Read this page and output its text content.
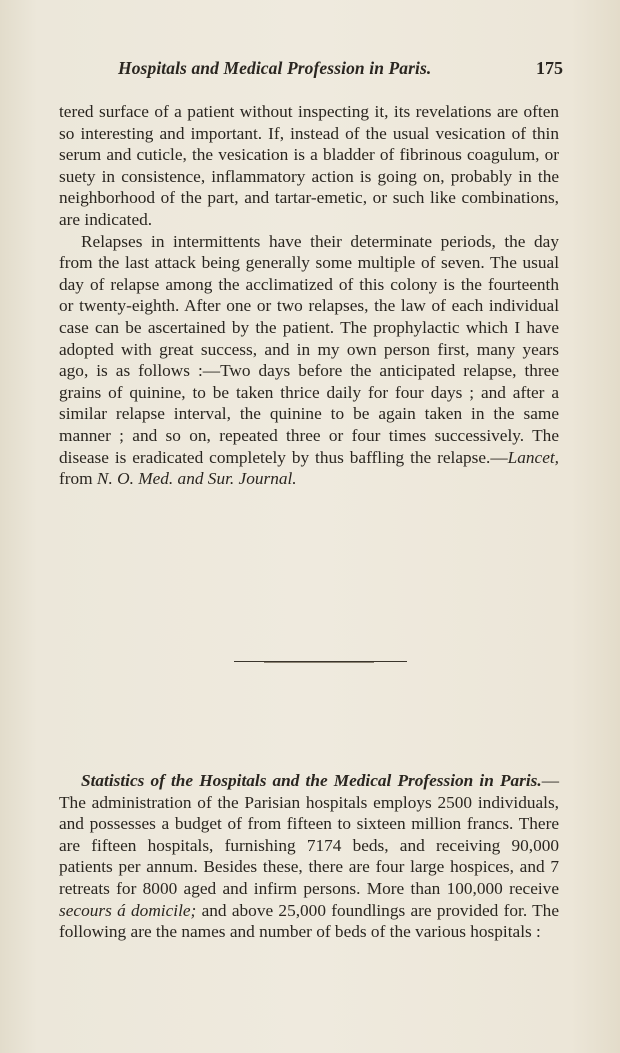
Hospitals and Medical Profession in Paris.	175

tered surface of a patient without inspecting it, its revelations are often so interesting and important. If, instead of the usual vesication of thin serum and cuticle, the vesication is a bladder of fibrinous coagulum, or suety in consistence, inflammatory action is going on, probably in the neighborhood of the part, and tartar-emetic, or such like combinations, are indicated.

Relapses in intermittents have their determinate periods, the day from the last attack being generally some multiple of seven. The usual day of relapse among the acclimatized of this colony is the fourteenth or twenty-eighth. After one or two relapses, the law of each individual case can be ascertained by the patient. The prophylactic which I have adopted with great success, and in my own person first, many years ago, is as follows :—Two days before the anticipated relapse, three grains of quinine, to be taken thrice daily for four days ; and after a similar relapse interval, the quinine to be again taken in the same manner ; and so on, repeated three or four times successively. The disease is eradicated completely by thus baffling the relapse.—Lancet, from N. O. Med. and Sur. Journal.

Statistics of the Hospitals and the Medical Profession in Paris.—The administration of the Parisian hospitals employs 2500 individuals, and possesses a budget of from fifteen to sixteen million francs. There are fifteen hospitals, furnishing 7174 beds, and receiving 90,000 patients per annum. Besides these, there are four large hospices, and 7 retreats for 8000 aged and infirm persons. More than 100,000 receive secours á domicile; and above 25,000 foundlings are provided for. The following are the names and number of beds of the various hospitals :
